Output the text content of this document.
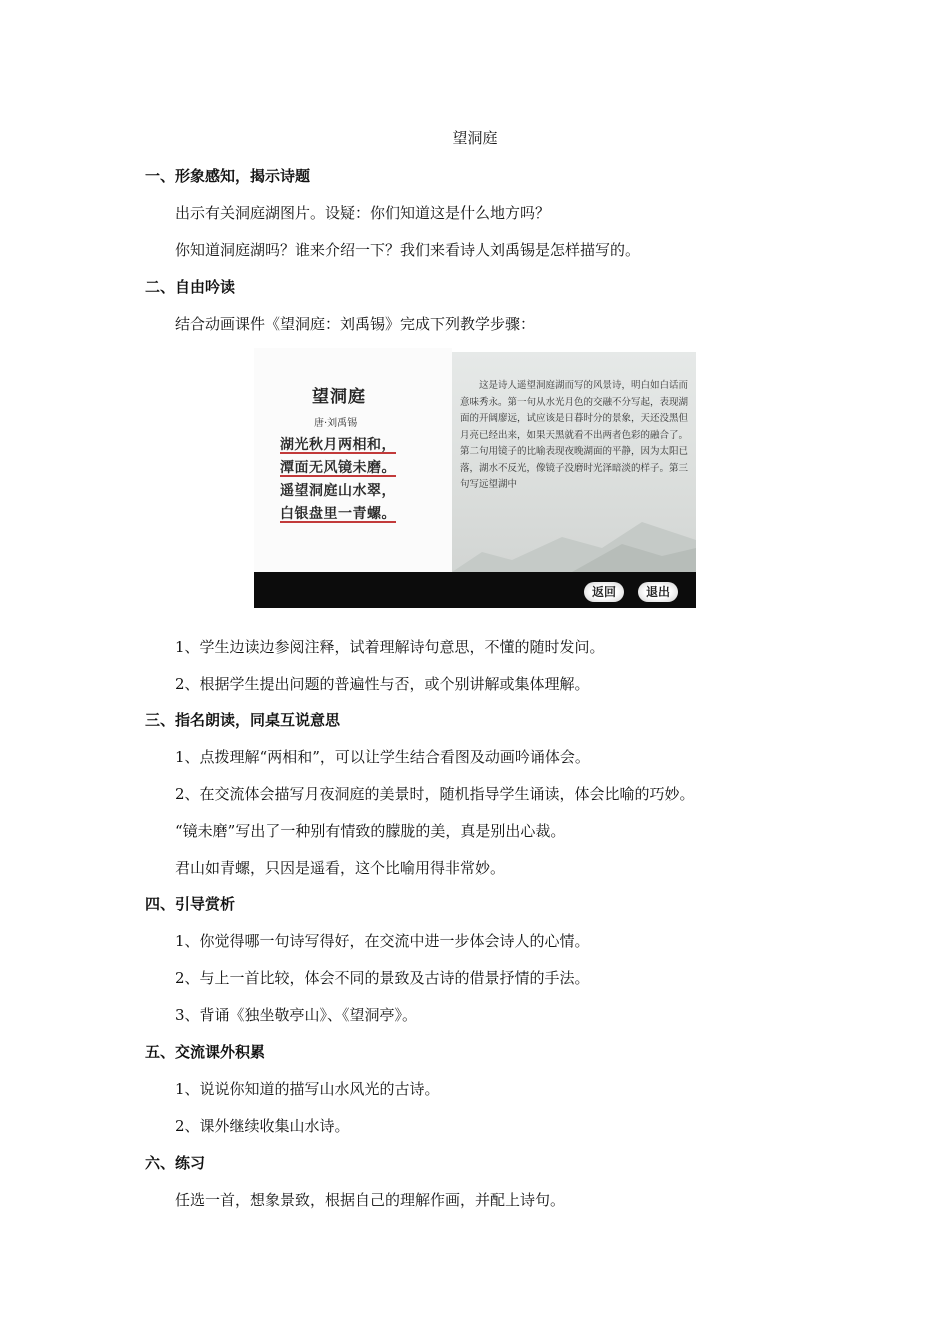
望洞庭
一、形象感知，揭示诗题
出示有关洞庭湖图片。设疑：你们知道这是什么地方吗？
你知道洞庭湖吗？谁来介绍一下？我们来看诗人刘禹锡是怎样描写的。
二、自由吟读
结合动画课件《望洞庭：刘禹锡》完成下列教学步骤：
望洞庭
唐·刘禹锡
湖光秋月两相和，
潭面无风镜未磨。
遥望洞庭山水翠，
白银盘里一青螺。
这是诗人遥望洞庭湖而写的风景诗，明白如白话而意味秀永。第一句从水光月色的交融不分写起，表现湖面的开阔廖远，试应该是日暮时分的景象，天还没黑但月亮已经出来，如果天黑就看不出两者色彩的融合了。第二句用镜子的比喻表现夜晚湖面的平静，因为太阳已落，湖水不反光，像镜子没磨时光泽暗淡的样子。第三句写远望湖中
返回	退出
1、学生边读边参阅注释，试着理解诗句意思，不懂的随时发问。
2、根据学生提出问题的普遍性与否，或个别讲解或集体理解。
三、指名朗读，同桌互说意思
1、点拨理解“两相和”，可以让学生结合看图及动画吟诵体会。
2、在交流体会描写月夜洞庭的美景时，随机指导学生诵读，体会比喻的巧妙。
“镜未磨”写出了一种别有情致的朦胧的美，真是别出心裁。
君山如青螺，只因是遥看，这个比喻用得非常妙。
四、引导赏析
1、你觉得哪一句诗写得好，在交流中进一步体会诗人的心情。
2、与上一首比较，体会不同的景致及古诗的借景抒情的手法。
3、背诵《独坐敬亭山》、《望洞亭》。
五、交流课外积累
1、说说你知道的描写山水风光的古诗。
2、课外继续收集山水诗。
六、练习
任选一首，想象景致，根据自己的理解作画，并配上诗句。
